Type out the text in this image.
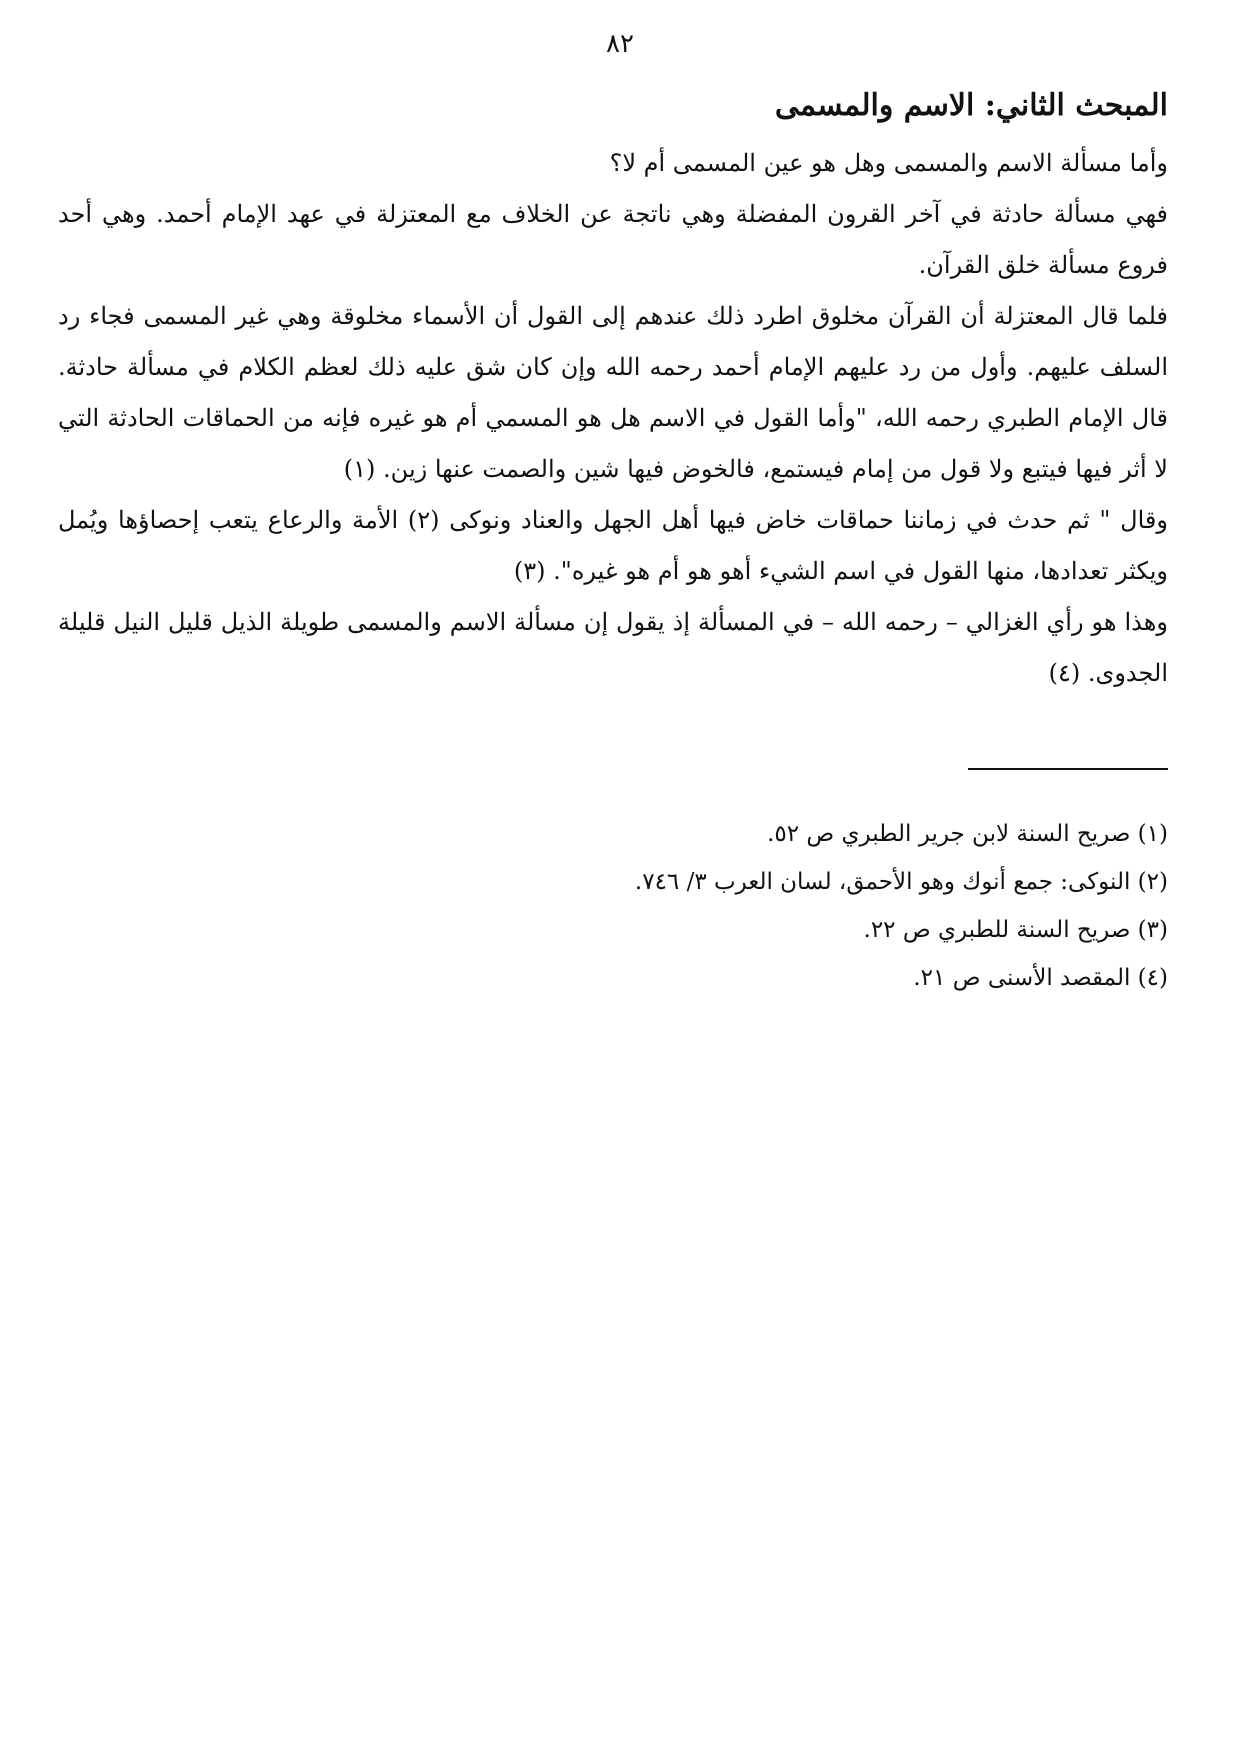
٨٢
المبحث الثاني: الاسم والمسمى

وأما مسألة الاسم والمسمى وهل هو عين المسمى أم لا؟

فهي مسألة حادثة في آخر القرون المفضلة وهي ناتجة عن الخلاف مع المعتزلة في عهد الإمام أحمد. وهي أحد فروع مسألة خلق القرآن.

فلما قال المعتزلة أن القرآن مخلوق اطرد ذلك عندهم إلى القول أن الأسماء مخلوقة وهي غير المسمى فجاء رد السلف عليهم. وأول من رد عليهم الإمام أحمد رحمه الله وإن كان شق عليه ذلك لعظم الكلام في مسألة حادثة. قال الإمام الطبري رحمه الله، "وأما القول في الاسم هل هو المسمي أم هو غيره فإنه من الحماقات الحادثة التي لا أثر فيها فيتبع ولا قول من إمام فيستمع، فالخوض فيها شين والصمت عنها زين. (١)

وقال " ثم حدث في زماننا حماقات خاض فيها أهل الجهل والعناد ونوكى (٢) الأمة والرعاع يتعب إحصاؤها ويُمل ويكثر تعدادها، منها القول في اسم الشيء أهو هو أم هو غيره". (٣)

وهذا هو رأي الغزالي – رحمه الله – في المسألة إذ يقول إن مسألة الاسم والمسمى طويلة الذيل قليل النيل قليلة الجدوى. (٤)

(١) صريح السنة لابن جرير الطبري ص ٥٢.

(٢) النوكى: جمع أنوك وهو الأحمق، لسان العرب ٣/ ٧٤٦.

(٣) صريح السنة للطبري ص ٢٢.

(٤) المقصد الأسنى ص ٢١.
